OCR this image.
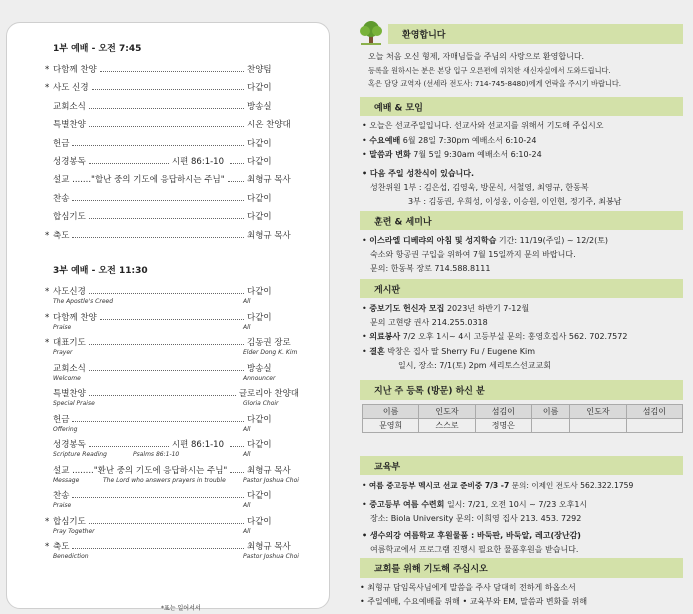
1부 예배 - 오전 7:45
* 다함께 찬양	찬양팀
* 사도 신경	다같이
교회소식	방송실
특별찬양	시온 찬양대
헌금	다같이
성경봉독	시편 86:1-10	다같이
설교 ......."할난 중의 기도에 응답하시는 주님"	최형규 목사
찬송	다같이
합심기도	다같이
* 축도	최형규 목사
3부 예배 - 오전 11:30
* 사도신경	다같이
The Apostle's Creed	All
* 다함께 찬양	다같이
Praise	All
* 대표기도	김동권 장로
Prayer	Elder Dong K. Kim
교회소식	방송실
Welcome	Announcer
특별찬양	글로리아 찬양대
Special Praise	Gloria Choir
헌금	다같이
Offering	All
성경봉독	시편 86:1-10	다같이
Scripture Reading	Psalms 86:1-10	All
설교 ........"환난 중의 기도에 응답하시는 주님" 최형규 목사
Message	The Lord who answers prayers in trouble	Pastor Joshua Choi
찬송	다같이
Praise	All
* 합심기도	다같이
Pray Together	All
* 축도	최형규 목사
Benediction	Pastor Joshua Choi
*표는 일어서서
환영합니다
오늘 처음 오신 형제, 자매님들을 주님의 사랑으로 환영합니다.
등록을 원하시는 분은 본당 입구 오른편에 위치한 새신자실에서 도와드립니다.
혹은 담당 교역자 (선세라 전도사: 714-745-8480)에게 연락을 주시기 바랍니다.
예배 & 모임
• 오늘은 선교주일입니다. 선교사와 선교지를 위해서 기도해 주십시오
• 수요예배 6월 28일 7:30pm 예배소서 6:10-24
• 말씀과 변화 7월 5일 9:30am 예배소서 6:10-24
• 다음 주일 성찬식이 있습니다.
성찬위원 1부 : 김은섭, 김영욱, 방문식, 서철영, 최영규, 한동복
3부 : 김동권, 우희성, 이성웅, 이승원, 이인현, 정기주, 최봉남
훈련 & 세미나
• 이스라엘 디베랴의 아침 및 성지학습 기간: 11/19(주일) ~ 12/2(토)
숙소와 항공권 구입을 위하여 7월 15일까지 문의 바랍니다.
문의: 한동복 장로 714.588.8111
게시판
• 중보기도 헌신자 모집 2023년 하반기 7-12월
문의 고현량 권사 214.255.0318
• 의료봉사 7/2 오후 1시~ 4시 고등부실 문의: 홍영호집사 562. 702.7572
• 결혼 박창은 집사 딸 Sherry Fu / Eugene Kim
일시, 장소: 7/1(토) 2pm 세리토스선교교회
지난 주 등록 (방문) 하신 분
이름	인도자	섬김이	이름	인도자	섬김이
문영희	스스로	정명은			
교육부
• 여름 중고등부 멕시코 선교 준비중 7/3 -7 문의: 이제인 전도사 562.322.1759
• 중고등부 여름 수련회 일시: 7/21, 오전 10시 ~ 7/23 오후1시
장소: Biola University 문의: 이희영 집사 213. 453. 7292
• 생수의강 여름학교 후원물품 : 바둑판, 바둑알, 레고(장난감)
여름학교에서 프로그램 진행시 필요한 물품후원을 받습니다.
교회를 위해 기도해 주십시오
• 최형규 담임목사님에게 말씀을 주사 담대히 전하게 하옵소서
• 주일예배, 수요예배를 위해 • 교육부와 EM, 말씀과 변화를 위해
